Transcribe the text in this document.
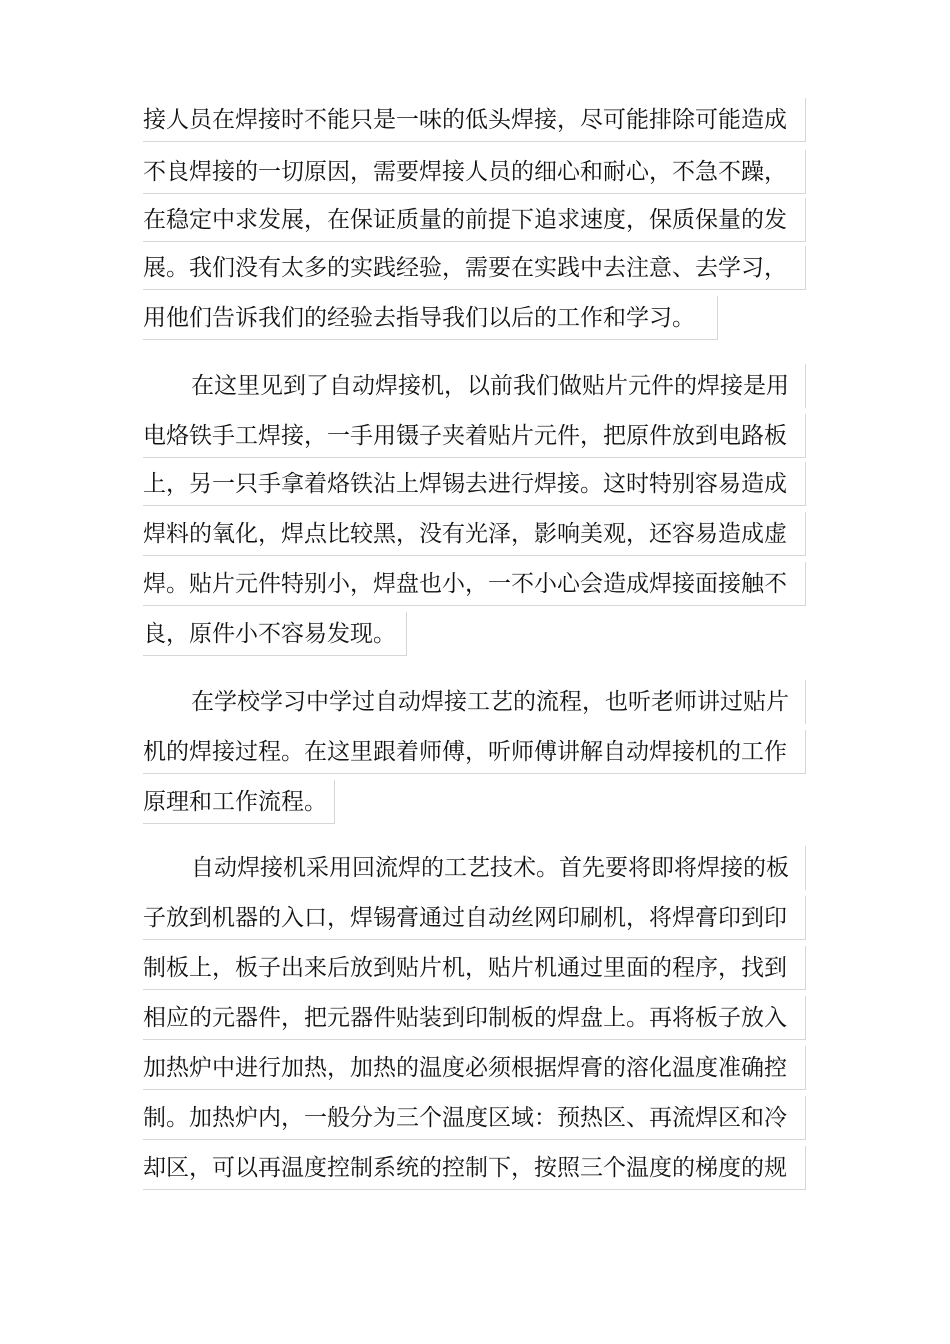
接人员在焊接时不能只是一味的低头焊接，尽可能排除可能造成
不良焊接的一切原因，需要焊接人员的细心和耐心，不急不躁，
在稳定中求发展，在保证质量的前提下追求速度，保质保量的发
展。我们没有太多的实践经验，需要在实践中去注意、去学习，
用他们告诉我们的经验去指导我们以后的工作和学习。
在这里见到了自动焊接机，以前我们做贴片元件的焊接是用
电烙铁手工焊接，一手用镊子夹着贴片元件，把原件放到电路板
上，另一只手拿着烙铁沾上焊锡去进行焊接。这时特别容易造成
焊料的氧化，焊点比较黑，没有光泽，影响美观，还容易造成虚
焊。贴片元件特别小，焊盘也小，一不小心会造成焊接面接触不
良，原件小不容易发现。
在学校学习中学过自动焊接工艺的流程，也听老师讲过贴片
机的焊接过程。在这里跟着师傅，听师傅讲解自动焊接机的工作
原理和工作流程。
自动焊接机采用回流焊的工艺技术。首先要将即将焊接的板
子放到机器的入口，焊锡膏通过自动丝网印刷机，将焊膏印到印
制板上，板子出来后放到贴片机，贴片机通过里面的程序，找到
相应的元器件，把元器件贴装到印制板的焊盘上。再将板子放入
加热炉中进行加热，加热的温度必须根据焊膏的溶化温度准确控
制。加热炉内，一般分为三个温度区域：预热区、再流焊区和冷
却区，可以再温度控制系统的控制下，按照三个温度的梯度的规
